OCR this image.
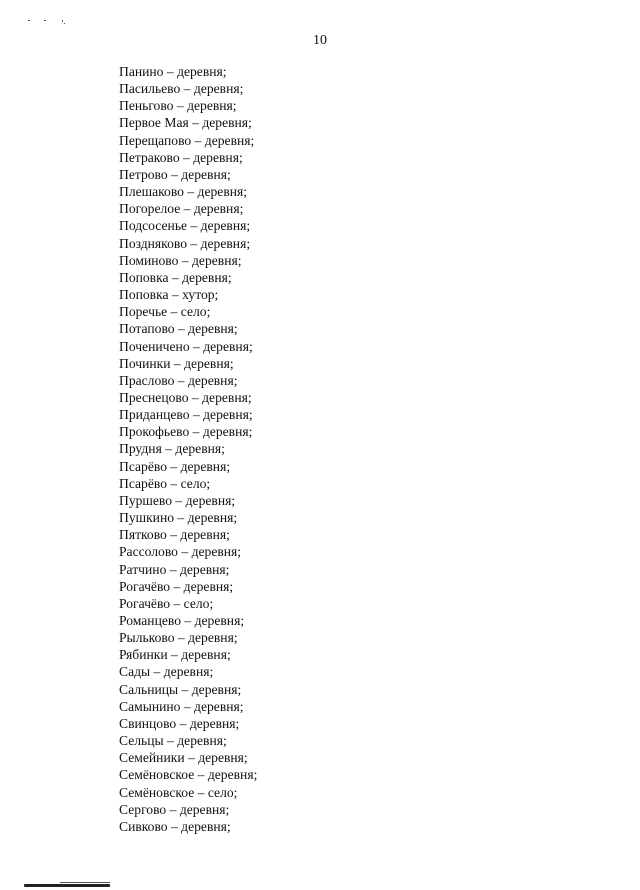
10
Панино – деревня;
Пасильево – деревня;
Пеньгово – деревня;
Первое Мая – деревня;
Перещапово – деревня;
Петраково – деревня;
Петрово – деревня;
Плешаково – деревня;
Погорелое – деревня;
Подсосенье – деревня;
Поздняково – деревня;
Поминово – деревня;
Поповка – деревня;
Поповка – хутор;
Поречье – село;
Потапово – деревня;
Поченичено – деревня;
Починки – деревня;
Праслово – деревня;
Преснецово – деревня;
Приданцево – деревня;
Прокофьево – деревня;
Прудня – деревня;
Псарёво – деревня;
Псарёво – село;
Пуршево – деревня;
Пушкино – деревня;
Пятково – деревня;
Рассолово – деревня;
Ратчино – деревня;
Рогачёво – деревня;
Рогачёво – село;
Романцево – деревня;
Рыльково – деревня;
Рябинки – деревня;
Сады – деревня;
Сальницы – деревня;
Самынино – деревня;
Свинцово – деревня;
Сельцы – деревня;
Семейники – деревня;
Семёновское – деревня;
Семёновское – село;
Сергово – деревня;
Сивково – деревня;
